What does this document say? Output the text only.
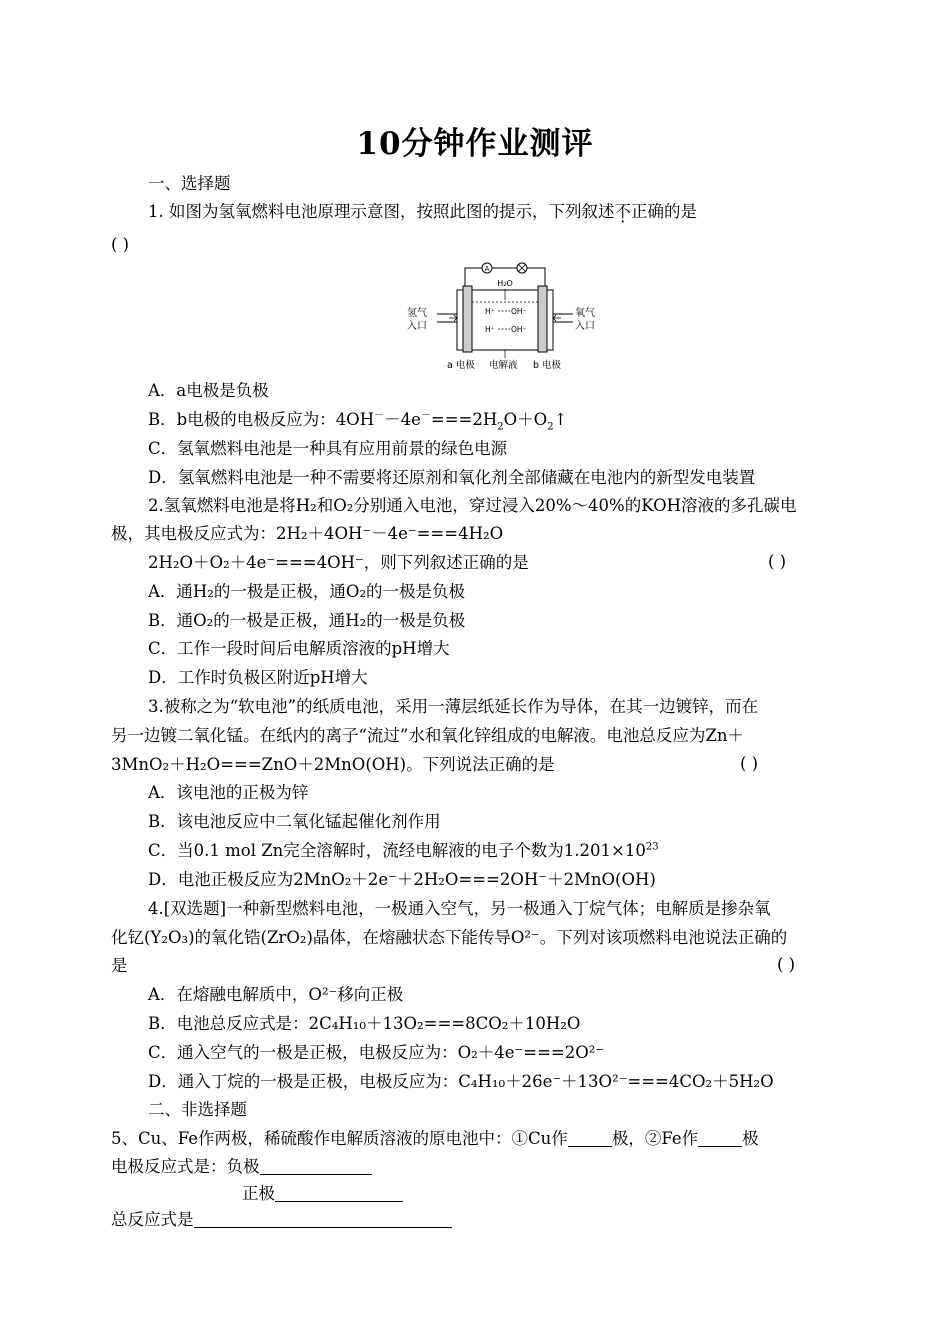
10分钟作业测评
一、选择题
1. 如图为氢氧燃料电池原理示意图，按照此图的提示，下列叙述不正确的是
( )
A
H₂O
H⁺ OH⁻
H⁺ OH⁻
氢气
入口
氧气
入口
a 电极 电解液 b 电极
A．a电极是负极
B．b电极的电极反应为：$4OH^--4e^-===2H_2O+O_2↑$
C．氢氧燃料电池是一种具有应用前景的绿色电源
D．氢氧燃料电池是一种不需要将还原剂和氧化剂全部储藏在电池内的新型发电装置
2.氢氧燃料电池是将H₂和O₂分别通入电池，穿过浸入20%～40%的KOH溶液的多孔碳电
极，其电极反应式为：2H₂＋4OH⁻－4e⁻===4H₂O
2H₂O＋O₂＋4e⁻===4OH⁻，则下列叙述正确的是	( )
A．通H₂的一极是正极，通O₂的一极是负极
B．通O₂的一极是正极，通H₂的一极是负极
C．工作一段时间后电解质溶液的pH增大
D．工作时负极区附近pH增大
3.被称之为“软电池”的纸质电池，采用一薄层纸延长作为导体，在其一边镀锌，而在
另一边镀二氧化锰。在纸内的离子“流过”水和氧化锌组成的电解液。电池总反应为Zn＋
3MnO₂＋H₂O===ZnO＋2MnO(OH)。下列说法正确的是	( )
A．该电池的正极为锌
B．该电池反应中二氧化锰起催化剂作用
C．当0.1 mol Zn完全溶解时，流经电解液的电子个数为$1.201\times 10^{23}$
D．电池正极反应为2MnO₂＋2e⁻＋2H₂O===2OH⁻＋2MnO(OH)
4.[双选题]一种新型燃料电池，一极通入空气，另一极通入丁烷气体；电解质是掺杂氧
化钇(Y₂O₃)的氧化锆(ZrO₂)晶体，在熔融状态下能传导O²⁻。下列对该项燃料电池说法正确的
是	( )
A．在熔融电解质中，O²⁻移向正极
B．电池总反应式是：2C₄H₁₀＋13O₂===8CO₂＋10H₂O
C．通入空气的一极是正极，电极反应为：O₂＋4e⁻===2O²⁻
D．通入丁烷的一极是正极，电极反应为：C₄H₁₀＋26e⁻＋13O²⁻===4CO₂＋5H₂O
二、非选择题
5、Cu、Fe作两极，稀硫酸作电解质溶液的原电池中：①Cu作	极，②Fe作	极
电极反应式是：负极
正极
总反应式是
